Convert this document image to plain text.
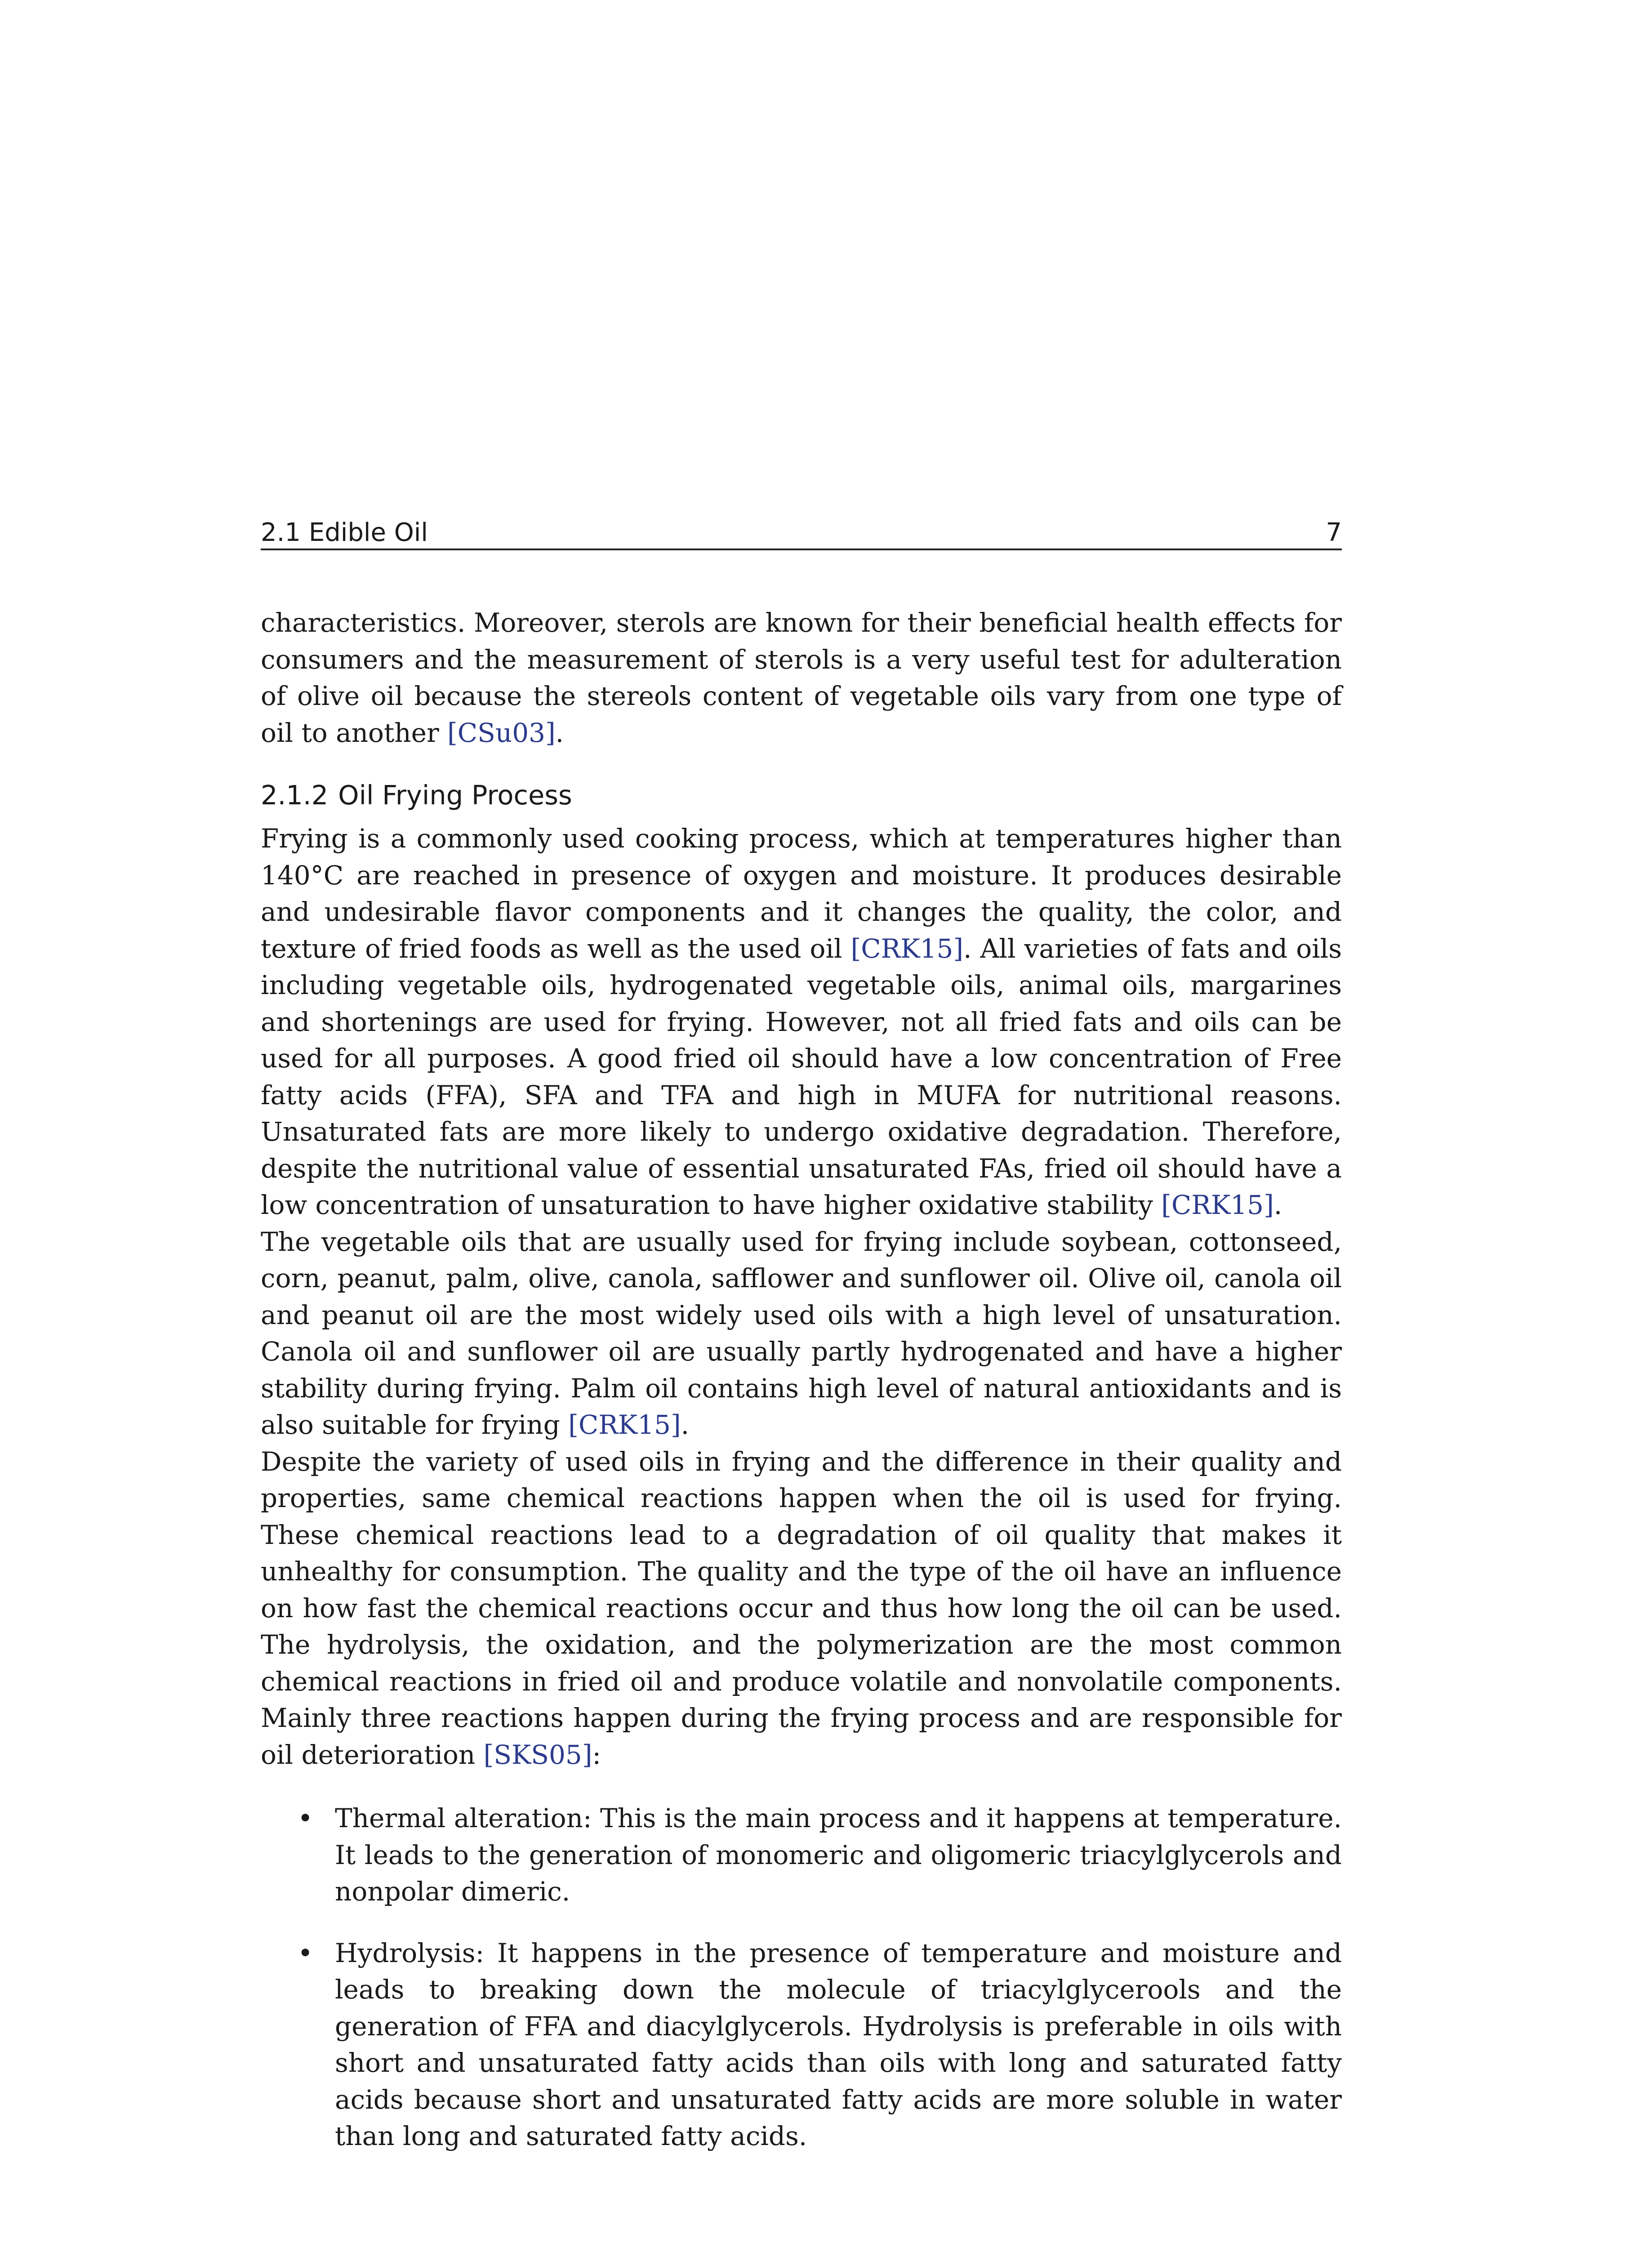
2.1 Edible Oil	7

characteristics. Moreover, sterols are known for their beneficial health effects for consumers and the measurement of sterols is a very useful test for adulteration of olive oil because the stereols content of vegetable oils vary from one type of oil to another [CSu03].

2.1.2 Oil Frying Process

Frying is a commonly used cooking process, which at temperatures higher than 140°C are reached in presence of oxygen and moisture. It produces desirable and undesirable flavor components and it changes the quality, the color, and texture of fried foods as well as the used oil [CRK15]. All varieties of fats and oils including vegetable oils, hydrogenated vegetable oils, animal oils, margarines and shortenings are used for frying. However, not all fried fats and oils can be used for all purposes. A good fried oil should have a low concentration of Free fatty acids (FFA), SFA and TFA and high in MUFA for nutritional reasons. Unsaturated fats are more likely to undergo oxidative degradation. Therefore, despite the nutritional value of essential unsaturated FAs, fried oil should have a low concentration of unsaturation to have higher oxidative stability [CRK15].

The vegetable oils that are usually used for frying include soybean, cottonseed, corn, peanut, palm, olive, canola, safflower and sunflower oil. Olive oil, canola oil and peanut oil are the most widely used oils with a high level of unsaturation. Canola oil and sunflower oil are usually partly hydrogenated and have a higher stability during frying. Palm oil contains high level of natural antioxidants and is also suitable for frying [CRK15].

Despite the variety of used oils in frying and the difference in their quality and properties, same chemical reactions happen when the oil is used for frying. These chemical reactions lead to a degradation of oil quality that makes it unhealthy for consumption. The quality and the type of the oil have an influence on how fast the chemical reactions occur and thus how long the oil can be used. The hydrolysis, the oxidation, and the polymerization are the most common chemical reactions in fried oil and produce volatile and nonvolatile components. Mainly three reactions happen during the frying process and are responsible for oil deterioration [SKS05]:

• Thermal alteration: This is the main process and it happens at temperature. It leads to the generation of monomeric and oligomeric triacylglycerols and nonpolar dimeric.
• Hydrolysis: It happens in the presence of temperature and moisture and leads to breaking down the molecule of triacylglycerools and the generation of FFA and diacylglycerols. Hydrolysis is preferable in oils with short and unsaturated fatty acids than oils with long and saturated fatty acids because short and unsaturated fatty acids are more soluble in water than long and saturated fatty acids.
